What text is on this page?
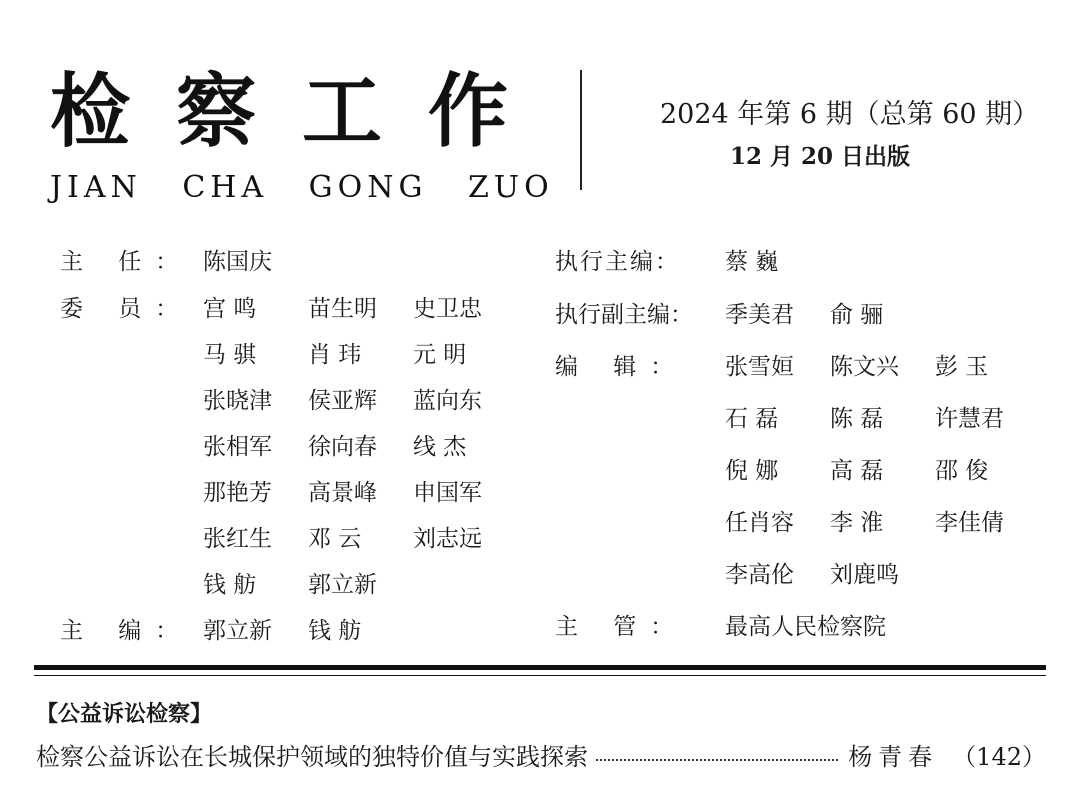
检察工作
JIAN CHA GONG ZUO
2024 年第 6 期（总第 60 期）
12 月 20 日出版
主 任： 陈国庆
委 员： 宫 鸣 苗生明 史卫忠
马 骐 肖 玮 元 明
张晓津 侯亚辉 蓝向东
张相军 徐向春 线 杰
那艳芳 高景峰 申国军
张红生 邓 云 刘志远
钱 舫 郭立新
主 编： 郭立新 钱 舫
执行主编： 蔡 巍
执行副主编： 季美君 俞 骊
编 辑： 张雪姮 陈文兴 彭 玉
石 磊 陈 磊 许慧君
倪 娜 高 磊 邵 俊
任肖容 李 淮 李佳倩
李高伦 刘鹿鸣
主 管： 最高人民检察院
【公益诉讼检察】
检察公益诉讼在长城保护领域的独特价值与实践探索	杨青春 （142）
